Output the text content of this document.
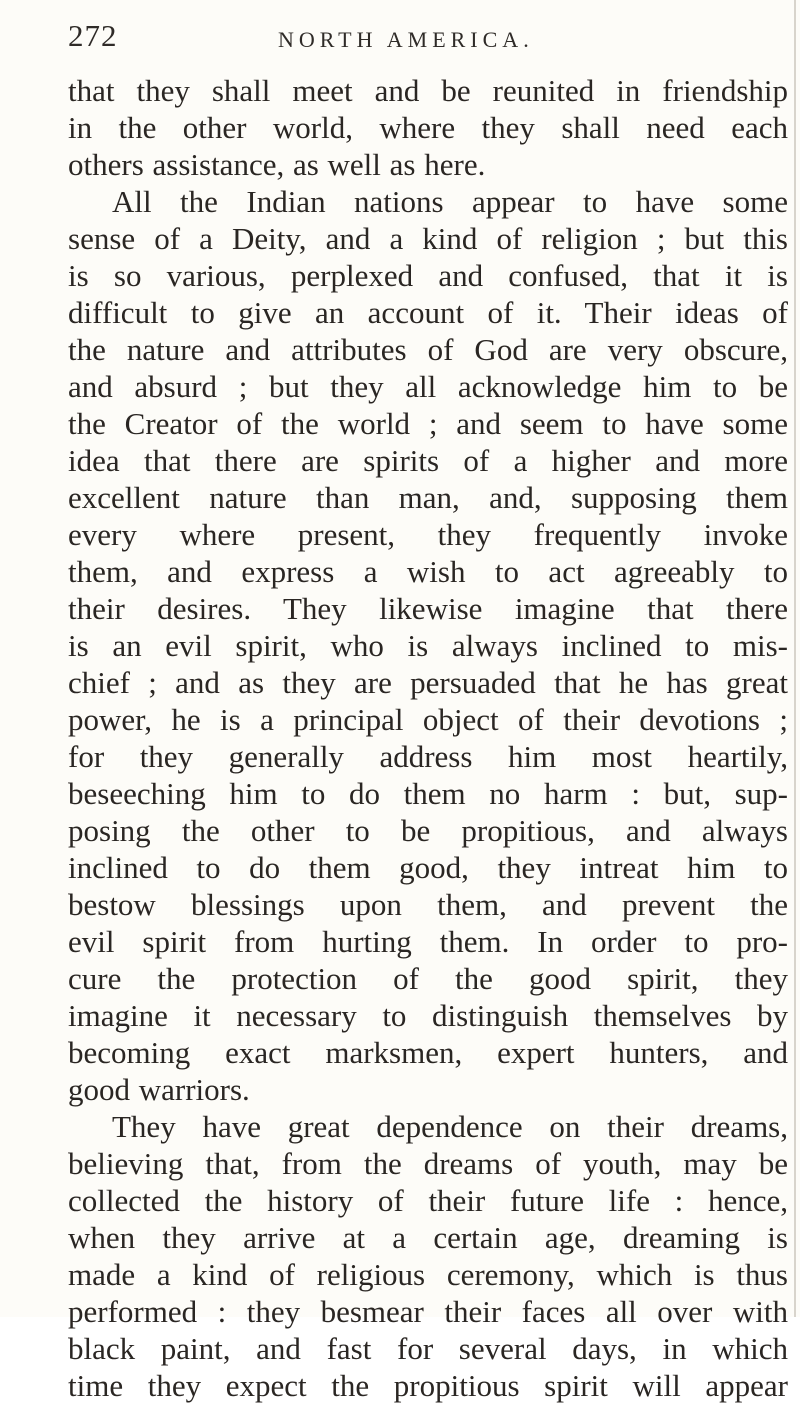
272	NORTH AMERICA.
that they shall meet and be reunited in friendship
in the other world, where they shall need each
others assistance, as well as here.
All the Indian nations appear to have some
sense of a Deity, and a kind of religion ; but this
is so various, perplexed and confused, that it is
difficult to give an account of it. Their ideas of
the nature and attributes of God are very obscure,
and absurd ; but they all acknowledge him to be
the Creator of the world ; and seem to have some
idea that there are spirits of a higher and more
excellent nature than man, and, supposing them
every where present, they frequently invoke
them, and express a wish to act agreeably to
their desires. They likewise imagine that there
is an evil spirit, who is always inclined to mis-
chief ; and as they are persuaded that he has great
power, he is a principal object of their devotions ;
for they generally address him most heartily,
beseeching him to do them no harm : but, sup-
posing the other to be propitious, and always
inclined to do them good, they intreat him to
bestow blessings upon them, and prevent the
evil spirit from hurting them. In order to pro-
cure the protection of the good spirit, they
imagine it necessary to distinguish themselves by
becoming exact marksmen, expert hunters, and
good warriors.
They have great dependence on their dreams,
believing that, from the dreams of youth, may be
collected the history of their future life : hence,
when they arrive at a certain age, dreaming is
made a kind of religious ceremony, which is thus
performed : they besmear their faces all over with
black paint, and fast for several days, in which
time they expect the propitious spirit will appear
